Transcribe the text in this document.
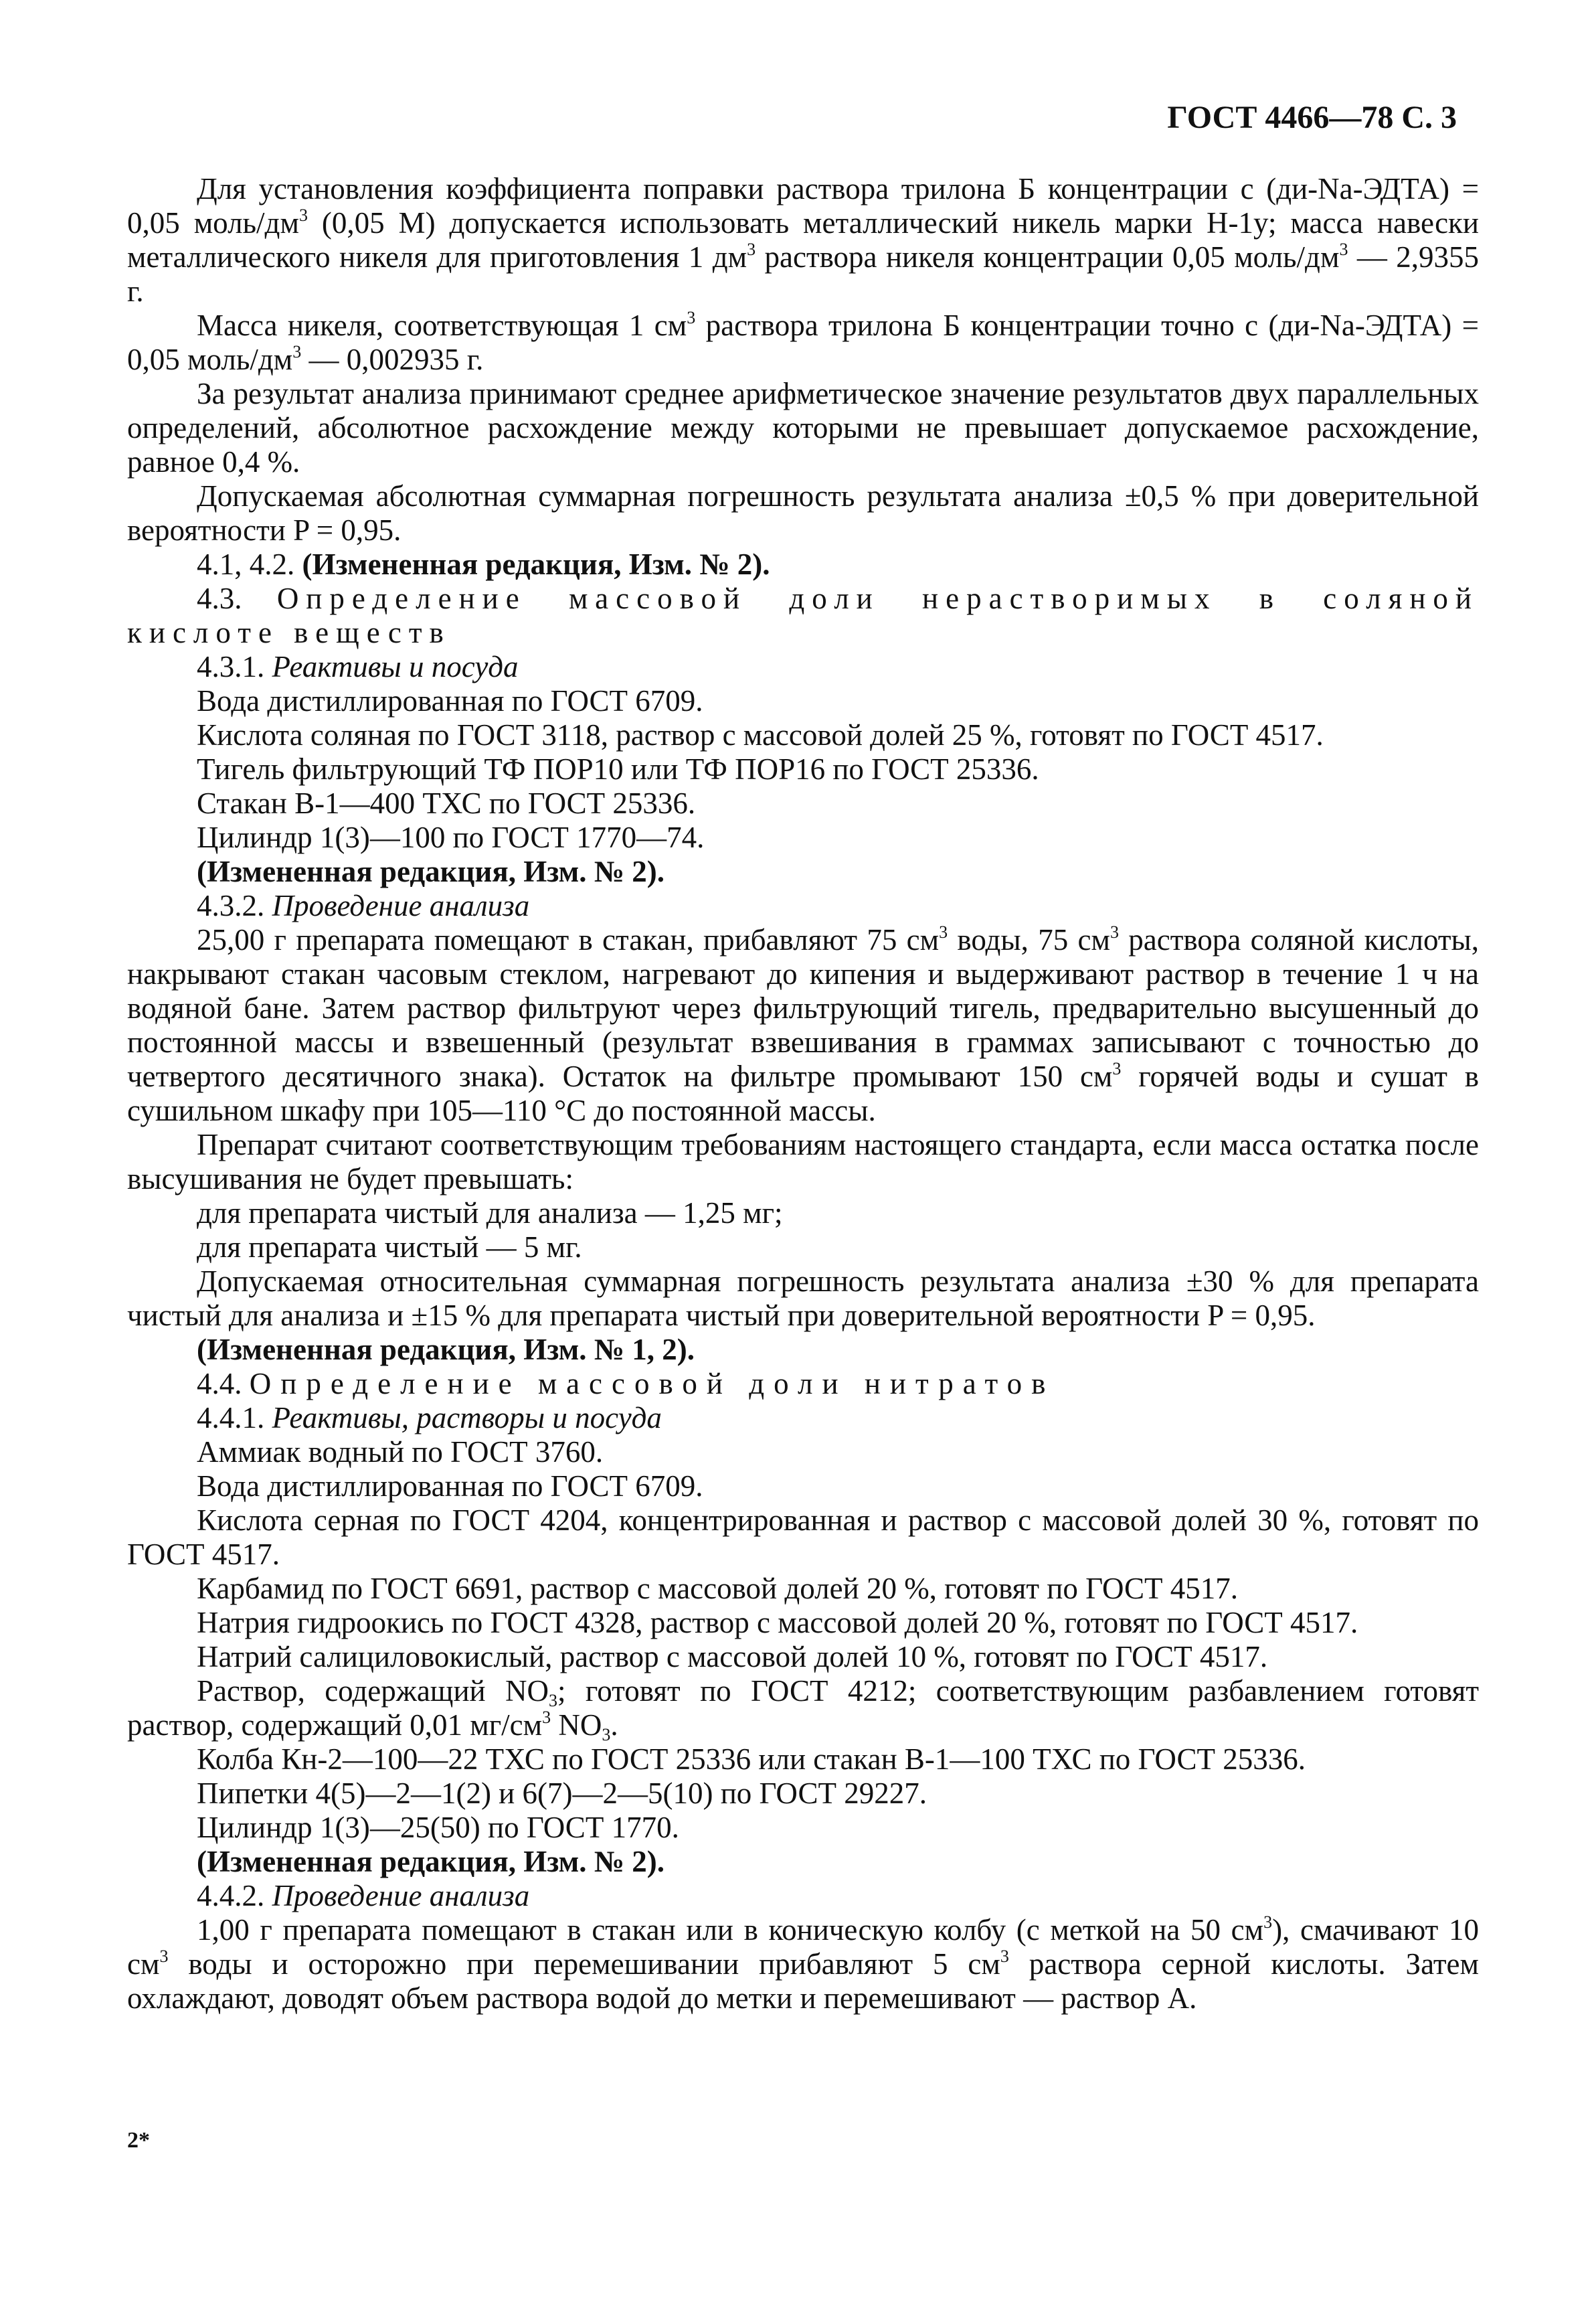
ГОСТ 4466—78 С. 3

Для установления коэффициента поправки раствора трилона Б концентрации c (ди-Na-ЭДТА) = 0,05 моль/$дм^3$ (0,05 М) допускается использовать металлический никель марки Н-1у; масса навески металлического никеля для приготовления 1 $дм^3$ раствора никеля концентрации 0,05 моль/$дм^3$ — 2,9355 г.

Масса никеля, соответствующая 1 $см^3$ раствора трилона Б концентрации точно c (ди-Na-ЭДТА) = 0,05 моль/$дм^3$ — 0,002935 г.

За результат анализа принимают среднее арифметическое значение результатов двух параллельных определений, абсолютное расхождение между которыми не превышает допускаемое расхождение, равное 0,4 %.

Допускаемая абсолютная суммарная погрешность результата анализа ±0,5 % при доверительной вероятности P = 0,95.

4.1, 4.2. (Измененная редакция, Изм. № 2).

4.3. Определение массовой доли нерастворимых в соляной кислоте веществ

4.3.1. Реактивы и посуда

Вода дистиллированная по ГОСТ 6709.

Кислота соляная по ГОСТ 3118, раствор с массовой долей 25 %, готовят по ГОСТ 4517.

Тигель фильтрующий ТФ ПОР10 или ТФ ПОР16 по ГОСТ 25336.

Стакан В-1—400 ТХС по ГОСТ 25336.

Цилиндр 1(3)—100 по ГОСТ 1770—74.

(Измененная редакция, Изм. № 2).

4.3.2. Проведение анализа

25,00 г препарата помещают в стакан, прибавляют 75 $см^3$ воды, 75 $см^3$ раствора соляной кислоты, накрывают стакан часовым стеклом, нагревают до кипения и выдерживают раствор в течение 1 ч на водяной бане. Затем раствор фильтруют через фильтрующий тигель, предварительно высушенный до постоянной массы и взвешенный (результат взвешивания в граммах записывают с точностью до четвертого десятичного знака). Остаток на фильтре промывают 150 $см^3$ горячей воды и сушат в сушильном шкафу при 105—110 °С до постоянной массы.

Препарат считают соответствующим требованиям настоящего стандарта, если масса остатка после высушивания не будет превышать:

для препарата чистый для анализа — 1,25 мг;

для препарата чистый — 5 мг.

Допускаемая относительная суммарная погрешность результата анализа ±30 % для препарата чистый для анализа и ±15 % для препарата чистый при доверительной вероятности P = 0,95.

(Измененная редакция, Изм. № 1, 2).

4.4. Определение массовой доли нитратов

4.4.1. Реактивы, растворы и посуда

Аммиак водный по ГОСТ 3760.

Вода дистиллированная по ГОСТ 6709.

Кислота серная по ГОСТ 4204, концентрированная и раствор с массовой долей 30 %, готовят по ГОСТ 4517.

Карбамид по ГОСТ 6691, раствор с массовой долей 20 %, готовят по ГОСТ 4517.

Натрия гидроокись по ГОСТ 4328, раствор с массовой долей 20 %, готовят по ГОСТ 4517.

Натрий салициловокислый, раствор с массовой долей 10 %, готовят по ГОСТ 4517.

Раствор, содержащий $NO_3$; готовят по ГОСТ 4212; соответствующим разбавлением готовят раствор, содержащий 0,01 $мг/см^3$ $NO_3$.

Колба Кн-2—100—22 ТХС по ГОСТ 25336 или стакан В-1—100 ТХС по ГОСТ 25336.

Пипетки 4(5)—2—1(2) и 6(7)—2—5(10) по ГОСТ 29227.

Цилиндр 1(3)—25(50) по ГОСТ 1770.

(Измененная редакция, Изм. № 2).

4.4.2. Проведение анализа

1,00 г препарата помещают в стакан или в коническую колбу (с меткой на 50 $см^3$), смачивают 10 $см^3$ воды и осторожно при перемешивании прибавляют 5 $см^3$ раствора серной кислоты. Затем охлаждают, доводят объем раствора водой до метки и перемешивают — раствор А.

2*
